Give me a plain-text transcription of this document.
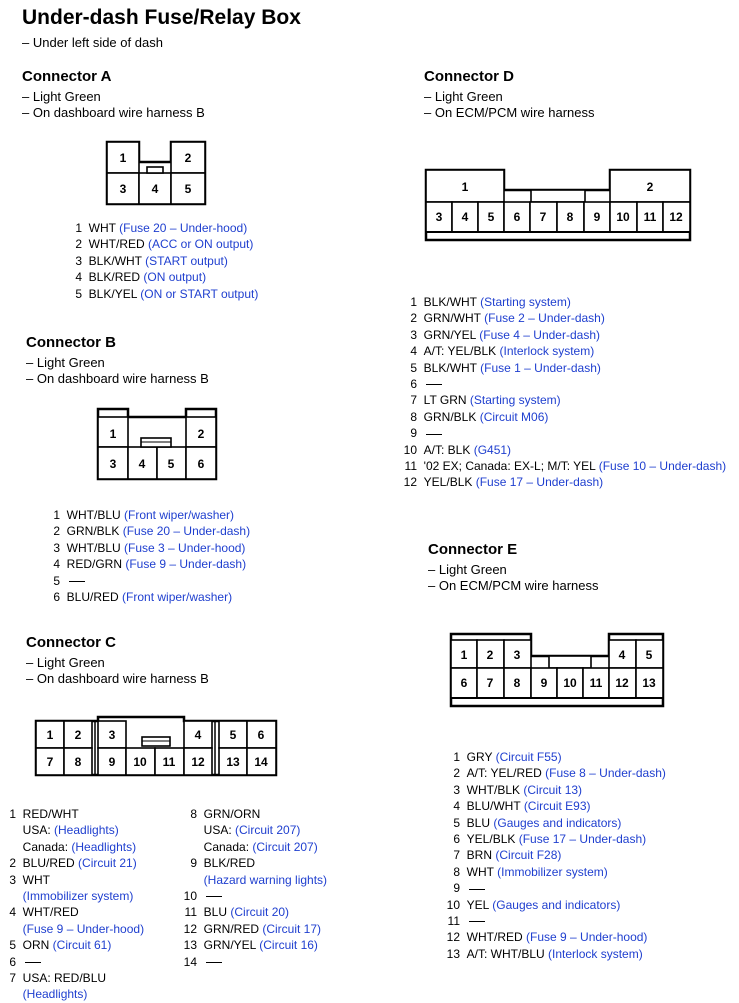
Under-dash Fuse/Relay Box
– Under left side of dash
Connector A
– Light Green
– On dashboard wire harness B
1	2
3 4 5
1 WHT (Fuse 20 – Under-hood)
2 WHT/RED (ACC or ON output)
3 BLK/WHT (START output)
4 BLK/RED (ON output)
5 BLK/YEL (ON or START output)
Connector B
– Light Green
– On dashboard wire harness B
1	2
3 4 5 6
1 WHT/BLU (Front wiper/washer)
2 GRN/BLK (Fuse 20 – Under-dash)
3 WHT/BLU (Fuse 3 – Under-hood)
4 RED/GRN (Fuse 9 – Under-dash)
5
6 BLU/RED (Front wiper/washer)
Connector C
– Light Green
– On dashboard wire harness B
1 2 3	4 5 6
7 8 9 10 11 12 13 14
1 RED/WHT
USA: (Headlights)
Canada: (Headlights)
2 BLU/RED (Circuit 21)
3 WHT
(Immobilizer system)
4 WHT/RED
(Fuse 9 – Under-hood)
5 ORN (Circuit 61)
6
7 USA: RED/BLU
(Headlights)
8 GRN/ORN
USA: (Circuit 207)
Canada: (Circuit 207)
9 BLK/RED
(Hazard warning lights)
10
11 BLU (Circuit 20)
12 GRN/RED (Circuit 17)
13 GRN/YEL (Circuit 16)
14
Connector D
– Light Green
– On ECM/PCM wire harness
1	2
3 4 5 6 7 8 9 10 11 12
1 BLK/WHT (Starting system)
2 GRN/WHT (Fuse 2 – Under-dash)
3 GRN/YEL (Fuse 4 – Under-dash)
4 A/T: YEL/BLK (Interlock system)
5 BLK/WHT (Fuse 1 – Under-dash)
6
7 LT GRN (Starting system)
8 GRN/BLK (Circuit M06)
9
10 A/T: BLK (G451)
11 '02 EX; Canada: EX-L; M/T: YEL (Fuse 10 – Under-dash)
12 YEL/BLK (Fuse 17 – Under-dash)
Connector E
– Light Green
– On ECM/PCM wire harness
1 2 3	4 5
6 7 8 9 10 11 12 13
1 GRY (Circuit F55)
2 A/T: YEL/RED (Fuse 8 – Under-dash)
3 WHT/BLK (Circuit 13)
4 BLU/WHT (Circuit E93)
5 BLU (Gauges and indicators)
6 YEL/BLK (Fuse 17 – Under-dash)
7 BRN (Circuit F28)
8 WHT (Immobilizer system)
9
10 YEL (Gauges and indicators)
11
12 WHT/RED (Fuse 9 – Under-hood)
13 A/T: WHT/BLU (Interlock system)
